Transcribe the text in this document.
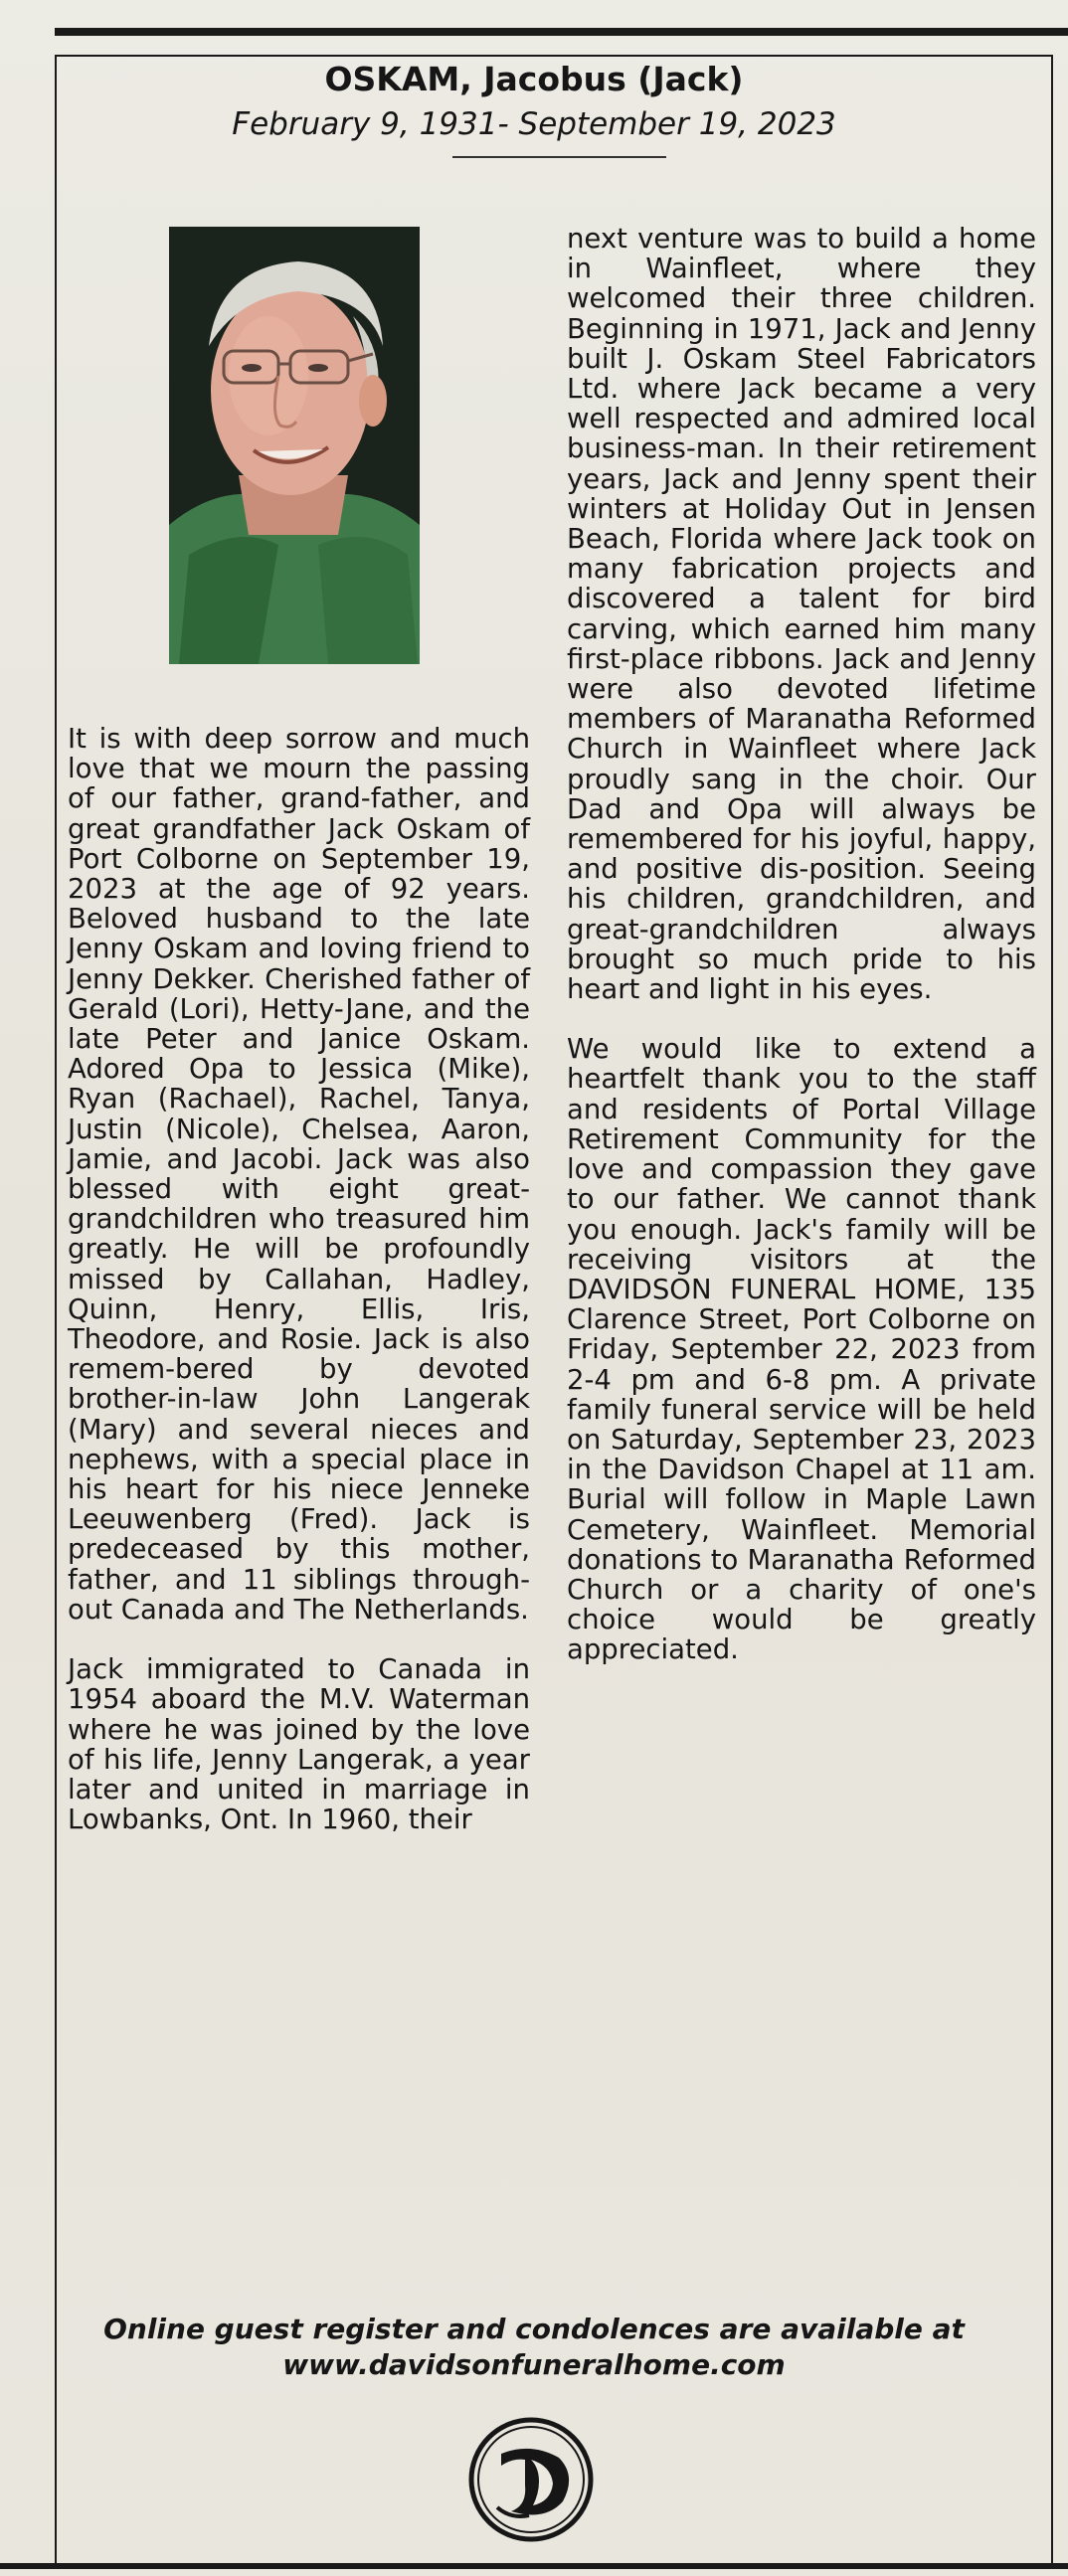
OSKAM, Jacobus (Jack)
February 9, 1931- September 19, 2023

It is with deep sorrow and much love that we mourn the passing of our father, grand-father, and great grandfather Jack Oskam of Port Colborne on September 19, 2023 at the age of 92 years. Beloved husband to the late Jenny Oskam and loving friend to Jenny Dekker. Cherished father of Gerald (Lori), Hetty-Jane, and the late Peter and Janice Oskam. Adored Opa to Jessica (Mike), Ryan (Rachael), Rachel, Tanya, Justin (Nicole), Chelsea, Aaron, Jamie, and Jacobi. Jack was also blessed with eight great-grandchildren who treasured him greatly. He will be profoundly missed by Callahan, Hadley, Quinn, Henry, Ellis, Iris, Theodore, and Rosie. Jack is also remem-bered by devoted brother-in-law John Langerak (Mary) and several nieces and nephews, with a special place in his heart for his niece Jenneke Leeuwenberg (Fred). Jack is predeceased by this mother, father, and 11 siblings through-out Canada and The Netherlands.

Jack immigrated to Canada in 1954 aboard the M.V. Waterman where he was joined by the love of his life, Jenny Langerak, a year later and united in marriage in Lowbanks, Ont. In 1960, their

next venture was to build a home in Wainfleet, where they welcomed their three children. Beginning in 1971, Jack and Jenny built J. Oskam Steel Fabricators Ltd. where Jack became a very well respected and admired local business-man. In their retirement years, Jack and Jenny spent their winters at Holiday Out in Jensen Beach, Florida where Jack took on many fabrication projects and discovered a talent for bird carving, which earned him many first-place ribbons. Jack and Jenny were also devoted lifetime members of Maranatha Reformed Church in Wainfleet where Jack proudly sang in the choir. Our Dad and Opa will always be remembered for his joyful, happy, and positive dis-position. Seeing his children, grandchildren, and great-grandchildren always brought so much pride to his heart and light in his eyes.

We would like to extend a heartfelt thank you to the staff and residents of Portal Village Retirement Community for the love and compassion they gave to our father. We cannot thank you enough. Jack's family will be receiving visitors at the DAVIDSON FUNERAL HOME, 135 Clarence Street, Port Colborne on Friday, September 22, 2023 from 2-4 pm and 6-8 pm. A private family funeral service will be held on Saturday, September 23, 2023 in the Davidson Chapel at 11 am. Burial will follow in Maple Lawn Cemetery, Wainfleet. Memorial donations to Maranatha Reformed Church or a charity of one's choice would be greatly appreciated.

Online guest register and condolences are available at
www.davidsonfuneralhome.com
